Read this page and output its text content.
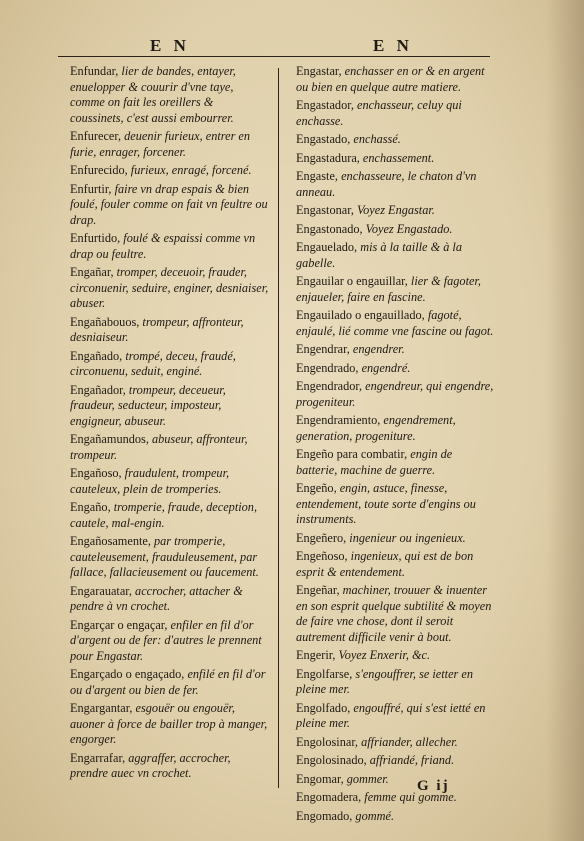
E N	E N

Enfundar, lier de bandes, entayer, enuelopper & couurir d'vne taye, comme on fait les oreillers & coussinets, c'est aussi embourrer.

Enfurecer, deuenir furieux, entrer en furie, enrager, forcener.

Enfurecido, furieux, enragé, forcené.

Enfurtir, faire vn drap espais & bien foulé, fouler comme on fait vn feultre ou drap.

Enfurtido, foulé & espaissi comme vn drap ou feultre.

Engañar, tromper, deceuoir, frauder, circonuenir, seduire, enginer, desniaiser, abuser.

Engañabouos, trompeur, affronteur, desniaiseur.

Engañado, trompé, deceu, fraudé, circonuenu, seduit, enginé.

Engañador, trompeur, deceueur, fraudeur, seducteur, imposteur, engigneur, abuseur.

Engañamundos, abuseur, affronteur, trompeur.

Engañoso, fraudulent, trompeur, cauteleux, plein de tromperies.

Engaño, tromperie, fraude, deception, cautele, mal-engin.

Engañosamente, par tromperie, cauteleusement, frauduleusement, par fallace, fallacieusement ou faucement.

Engarauatar, accrocher, attacher & pendre à vn crochet.

Engarçar o engaçar, enfiler en fil d'or d'argent ou de fer: d'autres le prennent pour Engastar.

Engarçado o engaçado, enfilé en fil d'or ou d'argent ou bien de fer.

Engargantar, esgouër ou engouër, auoner à force de bailler trop à manger, engorger.

Engarrafar, aggraffer, accrocher, prendre auec vn crochet.

Engastar, enchasser en or & en argent ou bien en quelque autre matiere.

Engastador, enchasseur, celuy qui enchasse.

Engastado, enchassé.

Engastadura, enchassement.

Engaste, enchasseure, le chaton d'vn anneau.

Engastonar, Voyez Engastar.

Engastonado, Voyez Engastado.

Engauelado, mis à la taille & à la gabelle.

Engauilar o engauillar, lier & fagoter, enjaueler, faire en fascine.

Engauilado o engauillado, fagoté, enjaulé, lié comme vne fascine ou fagot.

Engendrar, engendrer.

Engendrado, engendré.

Engendrador, engendreur, qui engendre, progeniteur.

Engendramiento, engendrement, generation, progeniture.

Engeño para combatir, engin de batterie, machine de guerre.

Engeño, engin, astuce, finesse, entendement, toute sorte d'engins ou instruments.

Engeñero, ingenieur ou ingenieux.

Engeñoso, ingenieux, qui est de bon esprit & entendement.

Engeñar, machiner, trouuer & inuenter en son esprit quelque subtilité & moyen de faire vne chose, dont il seroit autrement difficile venir à bout.

Engerir, Voyez Enxerir, &c.

Engolfarse, s'engouffrer, se ietter en pleine mer.

Engolfado, engouffré, qui s'est ietté en pleine mer.

Engolosinar, affriander, allecher.

Engolosinado, affriandé, friand.

Engomar, gommer.

Engomadera, femme qui gomme.

Engomado, gommé.

G ij
